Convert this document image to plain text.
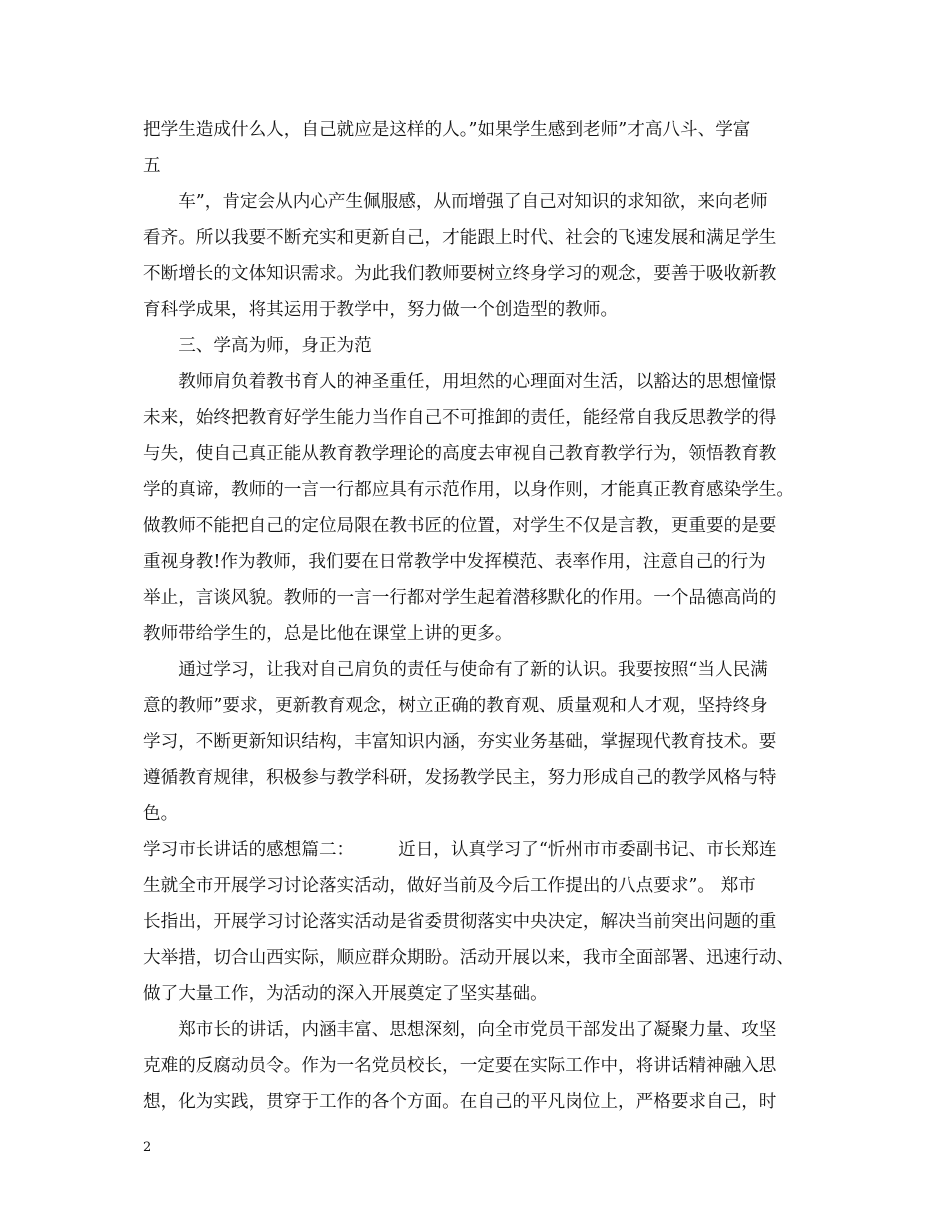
把学生造成什么人，自己就应是这样的人。”如果学生感到老师”才高八斗、学富
五
　　车”，肯定会从内心产生佩服感，从而增强了自己对知识的求知欲，来向老师
看齐。所以我要不断充实和更新自己，才能跟上时代、社会的飞速发展和满足学生
不断增长的文体知识需求。为此我们教师要树立终身学习的观念，要善于吸收新教
育科学成果，将其运用于教学中，努力做一个创造型的教师。
　　三、学高为师，身正为范
　　教师肩负着教书育人的神圣重任，用坦然的心理面对生活，以豁达的思想憧憬
未来，始终把教育好学生能力当作自己不可推卸的责任，能经常自我反思教学的得
与失，使自己真正能从教育教学理论的高度去审视自己教育教学行为，领悟教育教
学的真谛，教师的一言一行都应具有示范作用，以身作则，才能真正教育感染学生。
做教师不能把自己的定位局限在教书匠的位置，对学生不仅是言教，更重要的是要
重视身教!作为教师，我们要在日常教学中发挥模范、表率作用，注意自己的行为
举止，言谈风貌。教师的一言一行都对学生起着潜移默化的作用。一个品德高尚的
教师带给学生的，总是比他在课堂上讲的更多。
　　通过学习，让我对自己肩负的责任与使命有了新的认识。我要按照“当人民满
意的教师”要求，更新教育观念，树立正确的教育观、质量观和人才观，坚持终身
学习，不断更新知识结构，丰富知识内涵，夯实业务基础，掌握现代教育技术。要
遵循教育规律，积极参与教学科研，发扬教学民主，努力形成自己的教学风格与特
色。
学习市长讲话的感想篇二：　　　近日，认真学习了“忻州市市委副书记、市长郑连
生就全市开展学习讨论落实活动，做好当前及今后工作提出的八点要求”。 郑市
长指出，开展学习讨论落实活动是省委贯彻落实中央决定，解决当前突出问题的重
大举措，切合山西实际，顺应群众期盼。活动开展以来，我市全面部署、迅速行动、
做了大量工作，为活动的深入开展奠定了坚实基础。
　　郑市长的讲话，内涵丰富、思想深刻，向全市党员干部发出了凝聚力量、攻坚
克难的反腐动员令。作为一名党员校长，一定要在实际工作中，将讲话精神融入思
想，化为实践，贯穿于工作的各个方面。在自己的平凡岗位上，严格要求自己，时
2
